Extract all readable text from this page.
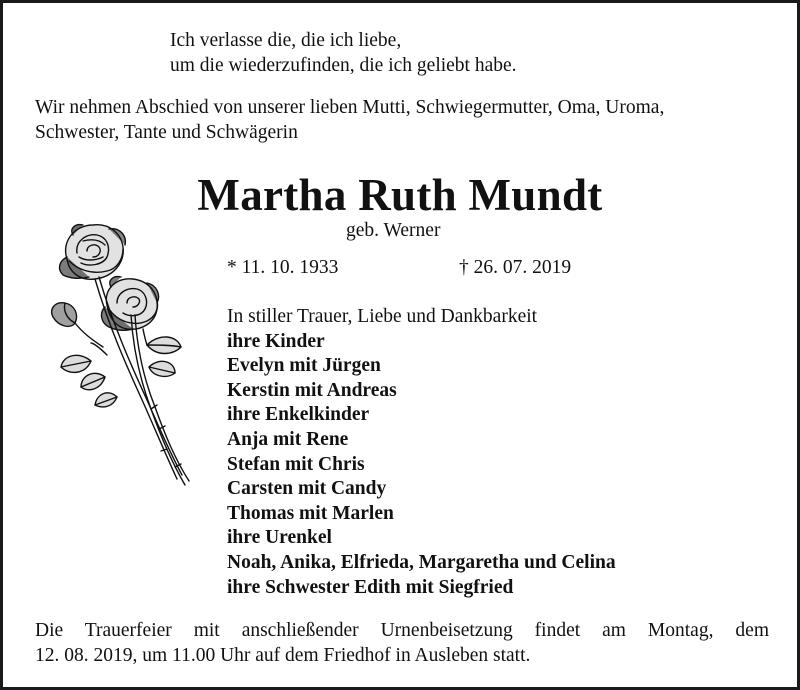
Ich verlasse die, die ich liebe,
um die wiederzufinden, die ich geliebt habe.
Wir nehmen Abschied von unserer lieben Mutti, Schwiegermutter, Oma, Uroma,
Schwester, Tante und Schwägerin
Martha Ruth Mundt
geb. Werner
* 11. 10. 1933	† 26. 07. 2019
In stiller Trauer, Liebe und Dankbarkeit
ihre Kinder
Evelyn mit Jürgen
Kerstin mit Andreas
ihre Enkelkinder
Anja mit Rene
Stefan mit Chris
Carsten mit Candy
Thomas mit Marlen
ihre Urenkel
Noah, Anika, Elfrieda, Margaretha und Celina
ihre Schwester Edith mit Siegfried
Die Trauerfeier mit anschließender Urnenbeisetzung findet am Montag, dem
12. 08. 2019, um 11.00 Uhr auf dem Friedhof in Ausleben statt.
